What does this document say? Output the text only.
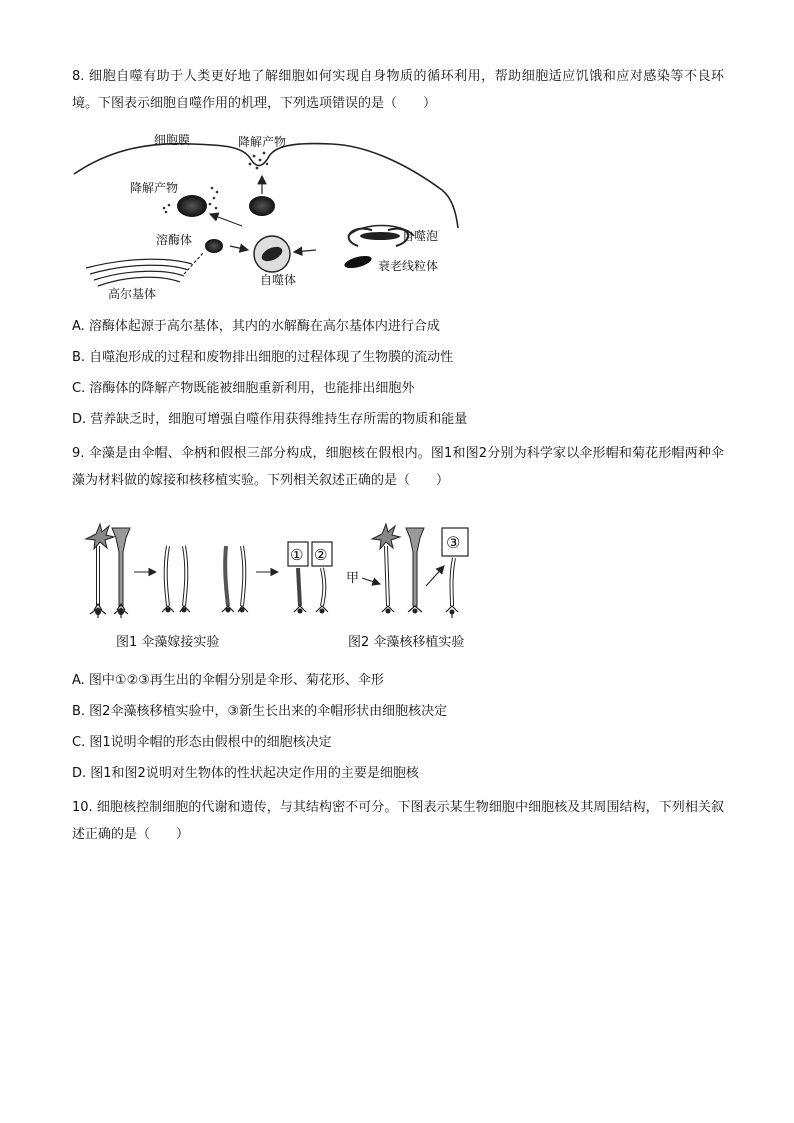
8. 细胞自噬有助于人类更好地了解细胞如何实现自身物质的循环利用，帮助细胞适应饥饿和应对感染等不良环境。下图表示细胞自噬作用的机理，下列选项错误的是（　　）
细胞膜	降解产物
降解产物
溶酶体
自噬体
自噬泡
衰老线粒体
高尔基体
A. 溶酶体起源于高尔基体，其内的水解酶在高尔基体内进行合成
B. 自噬泡形成的过程和废物排出细胞的过程体现了生物膜的流动性
C. 溶酶体的降解产物既能被细胞重新利用，也能排出细胞外
D. 营养缺乏时，细胞可增强自噬作用获得维持生存所需的物质和能量
9. 伞藻是由伞帽、伞柄和假根三部分构成，细胞核在假根内。图1和图2分别为科学家以伞形帽和菊花形帽两种伞藻为材料做的嫁接和核移植实验。下列相关叙述正确的是（　　）
① ②
甲
③
图1 伞藻嫁接实验	图2 伞藻核移植实验
A. 图中①②③再生出的伞帽分别是伞形、菊花形、伞形
B. 图2伞藻核移植实验中，③新生长出来的伞帽形状由细胞核决定
C. 图1说明伞帽的形态由假根中的细胞核决定
D. 图1和图2说明对生物体的性状起决定作用的主要是细胞核
10. 细胞核控制细胞的代谢和遗传，与其结构密不可分。下图表示某生物细胞中细胞核及其周围结构，下列相关叙述正确的是（　　）
